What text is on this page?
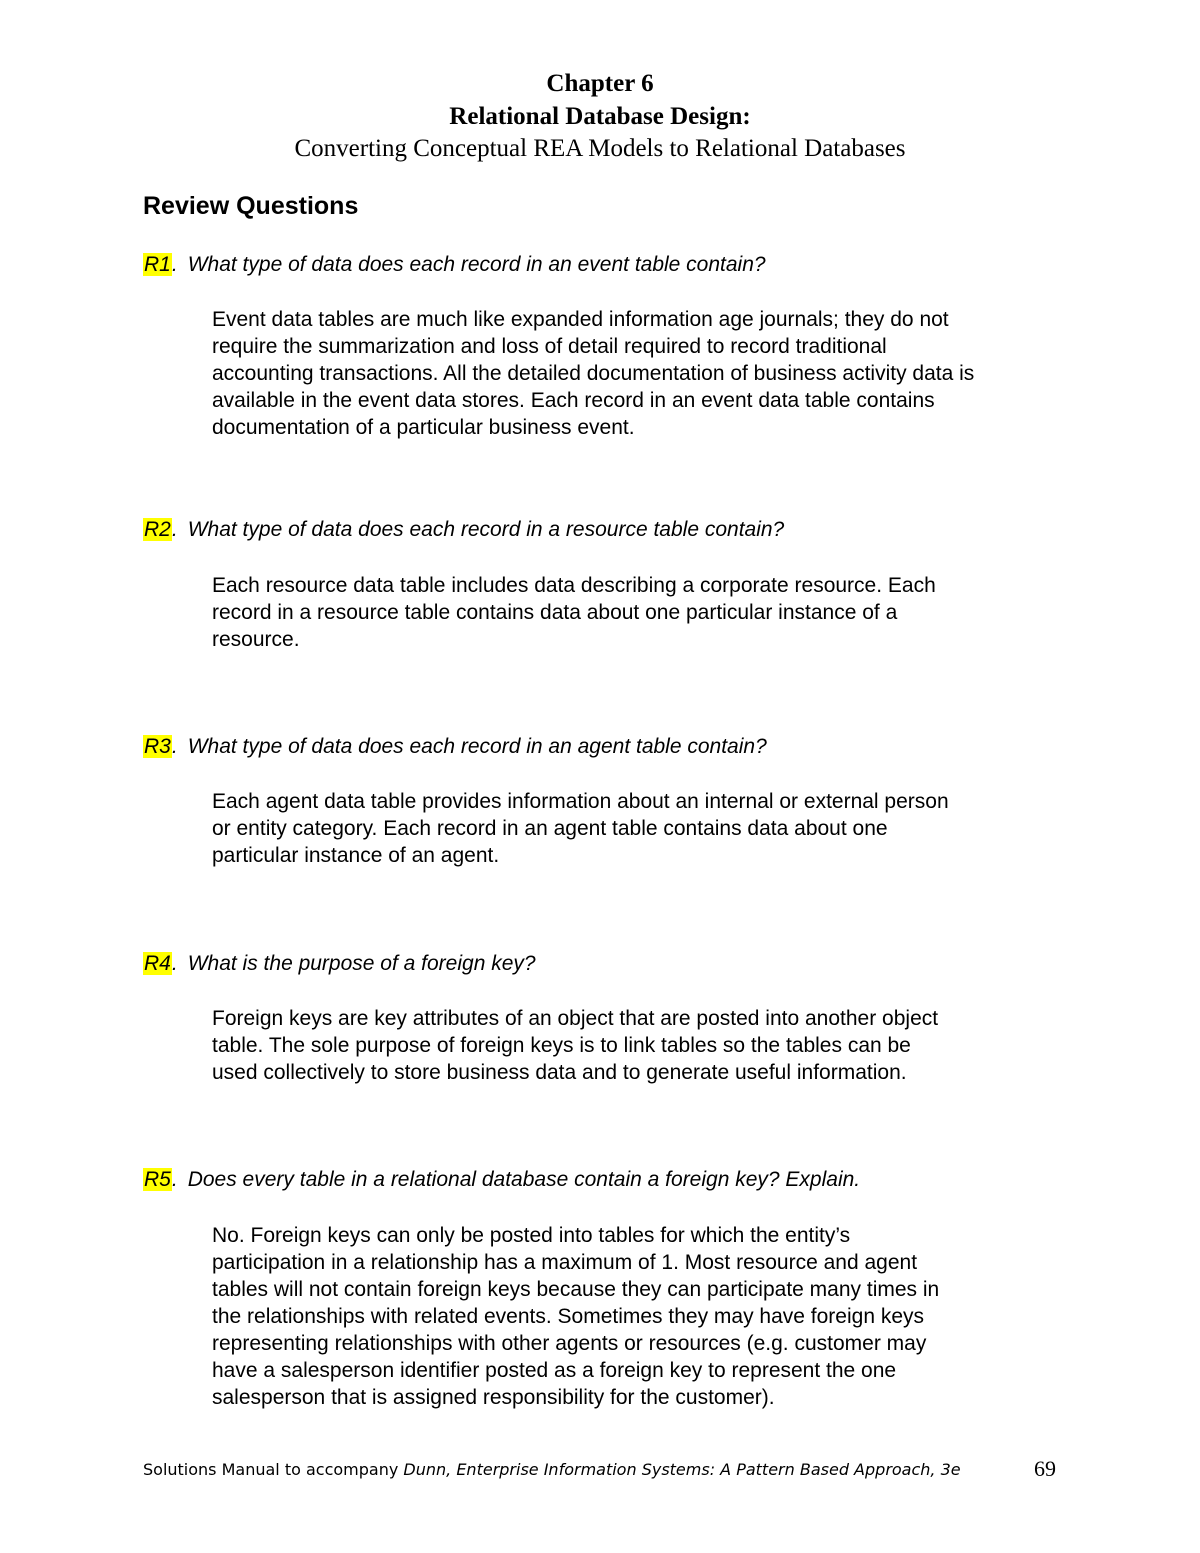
Chapter 6
Relational Database Design:
Converting Conceptual REA Models to Relational Databases
Review Questions
R1. What type of data does each record in an event table contain?
Event data tables are much like expanded information age journals; they do not
require the summarization and loss of detail required to record traditional
accounting transactions. All the detailed documentation of business activity data is
available in the event data stores. Each record in an event data table contains
documentation of a particular business event.
R2. What type of data does each record in a resource table contain?
Each resource data table includes data describing a corporate resource. Each
record in a resource table contains data about one particular instance of a
resource.
R3. What type of data does each record in an agent table contain?
Each agent data table provides information about an internal or external person
or entity category. Each record in an agent table contains data about one
particular instance of an agent.
R4. What is the purpose of a foreign key?
Foreign keys are key attributes of an object that are posted into another object
table. The sole purpose of foreign keys is to link tables so the tables can be
used collectively to store business data and to generate useful information.
R5. Does every table in a relational database contain a foreign key? Explain.
No. Foreign keys can only be posted into tables for which the entity’s
participation in a relationship has a maximum of 1. Most resource and agent
tables will not contain foreign keys because they can participate many times in
the relationships with related events. Sometimes they may have foreign keys
representing relationships with other agents or resources (e.g. customer may
have a salesperson identifier posted as a foreign key to represent the one
salesperson that is assigned responsibility for the customer).
Solutions Manual to accompany Dunn, Enterprise Information Systems: A Pattern Based Approach, 3e	69
